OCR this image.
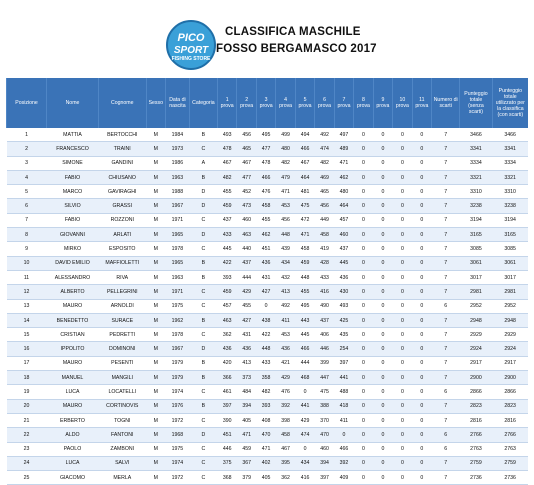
PICO
SPORT
FISHING STORE
CLASSIFICA MASCHILE
FOSSO BERGAMASCO 2017
Posizione	Nome	Cognome	Sesso	Data di nascita	Categoria	1 prova	2 prova	3 prova	4 prova	5 prova	6 prova	7 prova	8 prova	9 prova	10 prova	11 prova	Numero di scarti	Punteggio totale (senza scarti)	Punteggio totale utilizzato per la classifica (con scarti)
1	MATTIA	BERTOCCHI	M	1984	B	493	456	495	499	494	492	497	0	0	0	0	7	3466	3466
2	FRANCESCO	TRAINI	M	1973	C	478	465	477	480	466	474	489	0	0	0	0	7	3341	3341
3	SIMONE	GANDINI	M	1986	A	467	467	478	482	467	482	471	0	0	0	0	7	3334	3334
4	FABIO	CHIUSANO	M	1963	B	482	477	466	479	464	469	462	0	0	0	0	7	3321	3321
5	MARCO	GAVIRAGHI	M	1988	D	455	452	476	471	481	465	480	0	0	0	0	7	3310	3310
6	SILVIO	GRASSI	M	1967	D	459	473	458	453	475	456	464	0	0	0	0	7	3238	3238
7	FABIO	ROZZONI	M	1971	C	437	460	455	456	472	449	457	0	0	0	0	7	3194	3194
8	GIOVANNI	ARLATI	M	1965	D	433	463	462	448	471	458	460	0	0	0	0	7	3165	3165
9	MIRKO	ESPOSITO	M	1978	C	445	440	451	439	458	419	437	0	0	0	0	7	3085	3085
10	DAVID EMILIO	MAFFIOLETTI	M	1965	B	422	437	436	434	459	428	445	0	0	0	0	7	3061	3061
11	ALESSANDRO	RIVA	M	1963	B	393	444	431	432	448	433	436	0	0	0	0	7	3017	3017
12	ALBERTO	PELLEGRINI	M	1971	C	459	429	427	413	455	416	430	0	0	0	0	7	2981	2981
13	MAURO	ARNOLDI	M	1975	C	457	455	0	492	495	490	493	0	0	0	0	6	2952	2952
14	BENEDETTO	SURACE	M	1962	B	463	427	438	411	443	437	425	0	0	0	0	7	2948	2948
15	CRISTIAN	PEDRETTI	M	1978	C	362	431	422	453	445	406	435	0	0	0	0	7	2929	2929
16	IPPOLITO	DOMINONI	M	1967	D	436	436	448	436	466	446	254	0	0	0	0	7	2924	2924
17	MAURO	PESENTI	M	1979	B	420	413	433	421	444	399	397	0	0	0	0	7	2917	2917
18	MANUEL	MANGILI	M	1979	B	366	373	358	429	468	447	441	0	0	0	0	7	2900	2900
19	LUCA	LOCATELLI	M	1974	C	461	484	482	476	0	475	488	0	0	0	0	6	2866	2866
20	MAURO	CORTINOVIS	M	1976	B	397	394	393	392	441	388	418	0	0	0	0	7	2823	2823
21	ERBERTO	TOGNI	M	1972	C	390	405	408	398	429	370	411	0	0	0	0	7	2816	2816
22	ALDO	FANTONI	M	1968	D	451	471	470	458	474	470	0	0	0	0	0	6	2766	2766
23	PAOLO	ZAMBONI	M	1975	C	446	459	471	467	0	460	466	0	0	0	0	6	2763	2763
24	LUCA	SALVI	M	1974	C	375	367	402	395	434	394	392	0	0	0	0	7	2759	2759
25	GIACOMO	MERLA	M	1972	C	368	379	405	362	416	397	409	0	0	0	0	7	2736	2736
